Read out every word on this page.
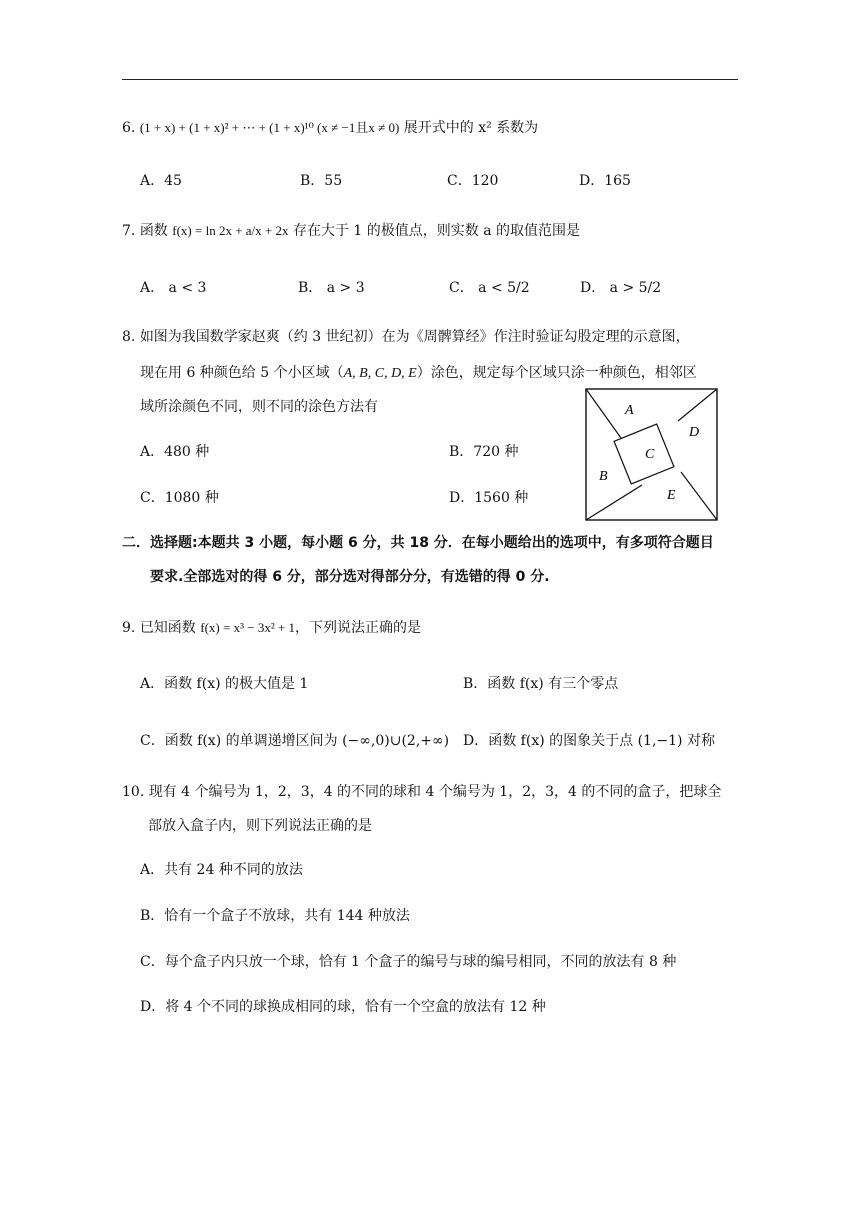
6. (1 + x) + (1 + x)² + ⋯ + (1 + x)¹⁰ (x ≠ −1且x ≠ 0) 展开式中的 x² 系数为
A．45	B．55	C．120	D．165
7. 函数 f(x) = ln 2x + a/x + 2x 存在大于 1 的极值点，则实数 a 的取值范围是
A． a < 3	B． a > 3	C． a < 5/2	D． a > 5/2
8. 如图为我国数学家赵爽（约 3 世纪初）在为《周髀算经》作注时验证勾股定理的示意图，
现在用 6 种颜色给 5 个小区域（A, B, C, D, E）涂色，规定每个区域只涂一种颜色，相邻区
域所涂颜色不同，则不同的涂色方法有
A．480 种	B．720 种
C．1080 种	D．1560 种
A
B
C
D
E
二．选择题:本题共 3 小题，每小题 6 分，共 18 分．在每小题给出的选项中，有多项符合题目
要求.全部选对的得 6 分，部分选对得部分分，有选错的得 0 分.
9. 已知函数 f(x) = x³ − 3x² + 1，下列说法正确的是
A．函数 f(x) 的极大值是 1	B．函数 f(x) 有三个零点
C．函数 f(x) 的单调递增区间为 (−∞,0)∪(2,+∞) D．函数 f(x) 的图象关于点 (1,−1) 对称
10. 现有 4 个编号为 1，2，3，4 的不同的球和 4 个编号为 1，2，3，4 的不同的盒子，把球全
部放入盒子内，则下列说法正确的是
A．共有 24 种不同的放法
B．恰有一个盒子不放球，共有 144 种放法
C．每个盒子内只放一个球，恰有 1 个盒子的编号与球的编号相同，不同的放法有 8 种
D．将 4 个不同的球换成相同的球，恰有一个空盒的放法有 12 种
